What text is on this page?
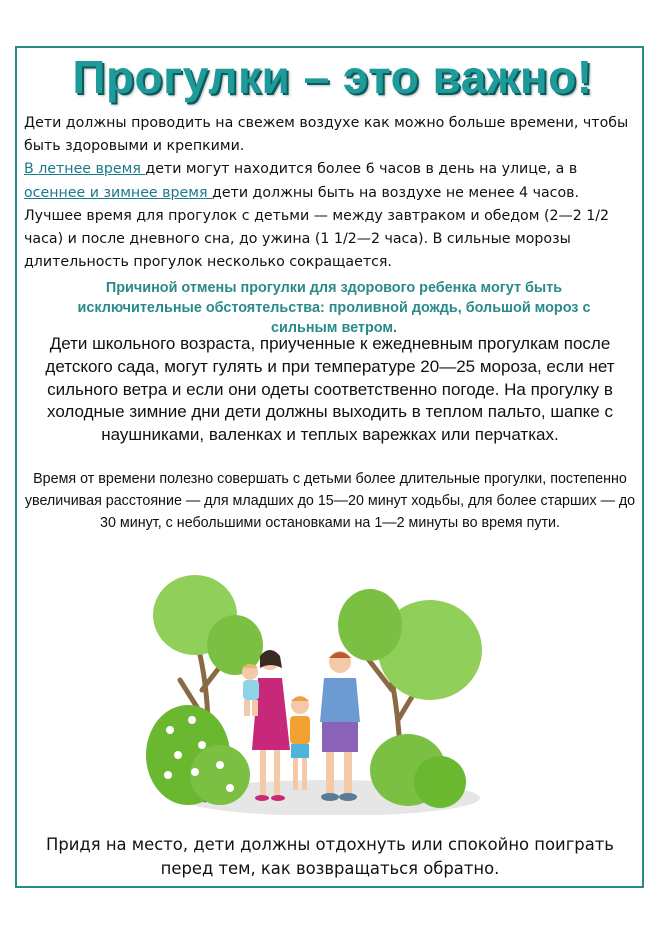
Прогулки – это важно!

Дети должны проводить на свежем воздухе как можно больше времени, чтобы быть здоровыми и крепкими.
В летнее время дети могут находится более 6 часов в день на улице, а в осеннее и зимнее время дети должны быть на воздухе не менее 4 часов. Лучшее время для прогулок с детьми — между завтраком и обедом (2—2 1/2 часа) и после дневного сна, до ужина (1 1/2—2 часа). В сильные морозы длительность прогулок несколько сокращается.

Причиной отмены прогулки для здорового ребенка могут быть исключительные обстоятельства: проливной дождь, большой мороз с сильным ветром.

Дети школьного возраста, приученные к ежедневным прогулкам после детского сада, могут гулять и при температуре 20—25 мороза, если нет сильного ветра и если они одеты соответственно погоде. На прогулку в холодные зимние дни дети должны выходить в теплом пальто, шапке с наушниками, валенках и теплых варежках или перчатках.

Время от времени полезно совершать с детьми более длительные прогулки, постепенно увеличивая расстояние — для младших до 15—20 минут ходьбы, для более старших — до 30 минут, с небольшими остановками на 1—2 минуты во время пути.

Придя на место, дети должны отдохнуть или спокойно поиграть перед тем, как возвращаться обратно.
